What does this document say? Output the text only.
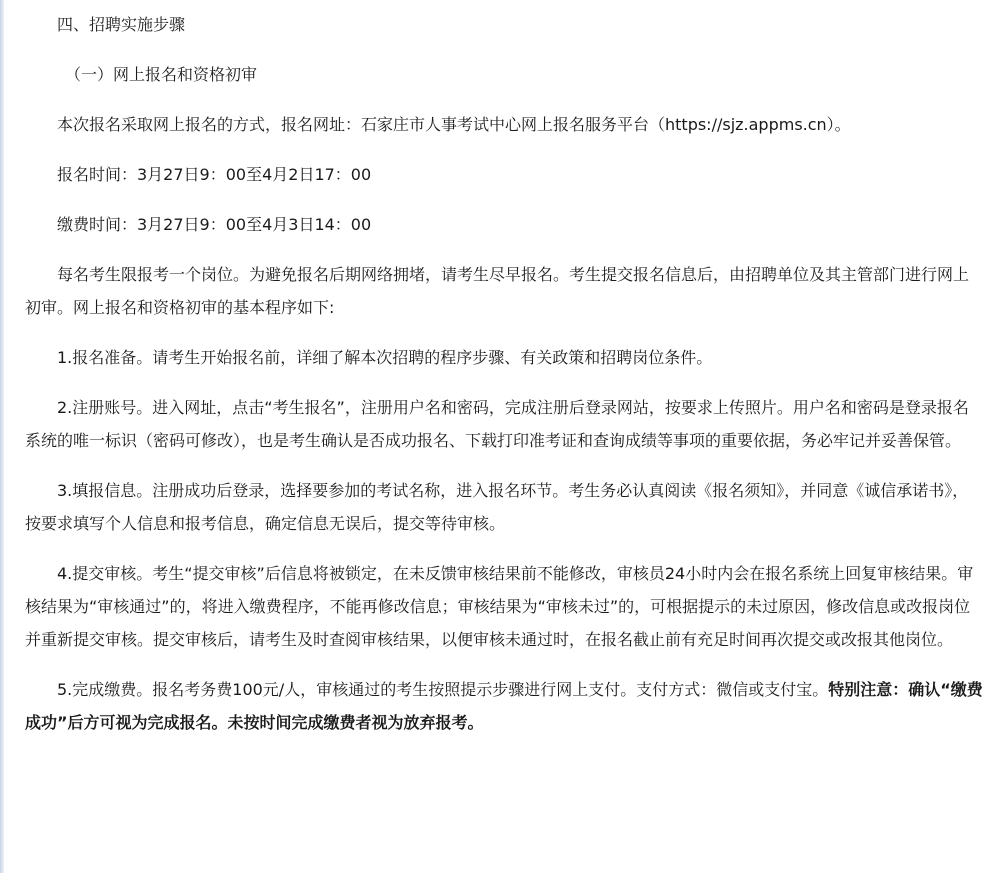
四、招聘实施步骤

（一）网上报名和资格初审

本次报名采取网上报名的方式，报名网址：石家庄市人事考试中心网上报名服务平台（https://sjz.appms.cn）。

报名时间：3月27日9：00至4月2日17：00

缴费时间：3月27日9：00至4月3日14：00

每名考生限报考一个岗位。为避免报名后期网络拥堵，请考生尽早报名。考生提交报名信息后，由招聘单位及其主管部门进行网上初审。网上报名和资格初审的基本程序如下:

1.报名准备。请考生开始报名前，详细了解本次招聘的程序步骤、有关政策和招聘岗位条件。

2.注册账号。进入网址，点击“考生报名”，注册用户名和密码，完成注册后登录网站，按要求上传照片。用户名和密码是登录报名系统的唯一标识（密码可修改），也是考生确认是否成功报名、下载打印准考证和查询成绩等事项的重要依据，务必牢记并妥善保管。

3.填报信息。注册成功后登录，选择要参加的考试名称，进入报名环节。考生务必认真阅读《报名须知》，并同意《诚信承诺书》，按要求填写个人信息和报考信息，确定信息无误后，提交等待审核。

4.提交审核。考生“提交审核”后信息将被锁定，在未反馈审核结果前不能修改，审核员24小时内会在报名系统上回复审核结果。审核结果为“审核通过”的，将进入缴费程序，不能再修改信息；审核结果为“审核未过”的，可根据提示的未过原因，修改信息或改报岗位并重新提交审核。提交审核后，请考生及时查阅审核结果，以便审核未通过时，在报名截止前有充足时间再次提交或改报其他岗位。

5.完成缴费。报名考务费100元/人，审核通过的考生按照提示步骤进行网上支付。支付方式：微信或支付宝。特别注意：确认“缴费成功”后方可视为完成报名。未按时间完成缴费者视为放弃报考。
